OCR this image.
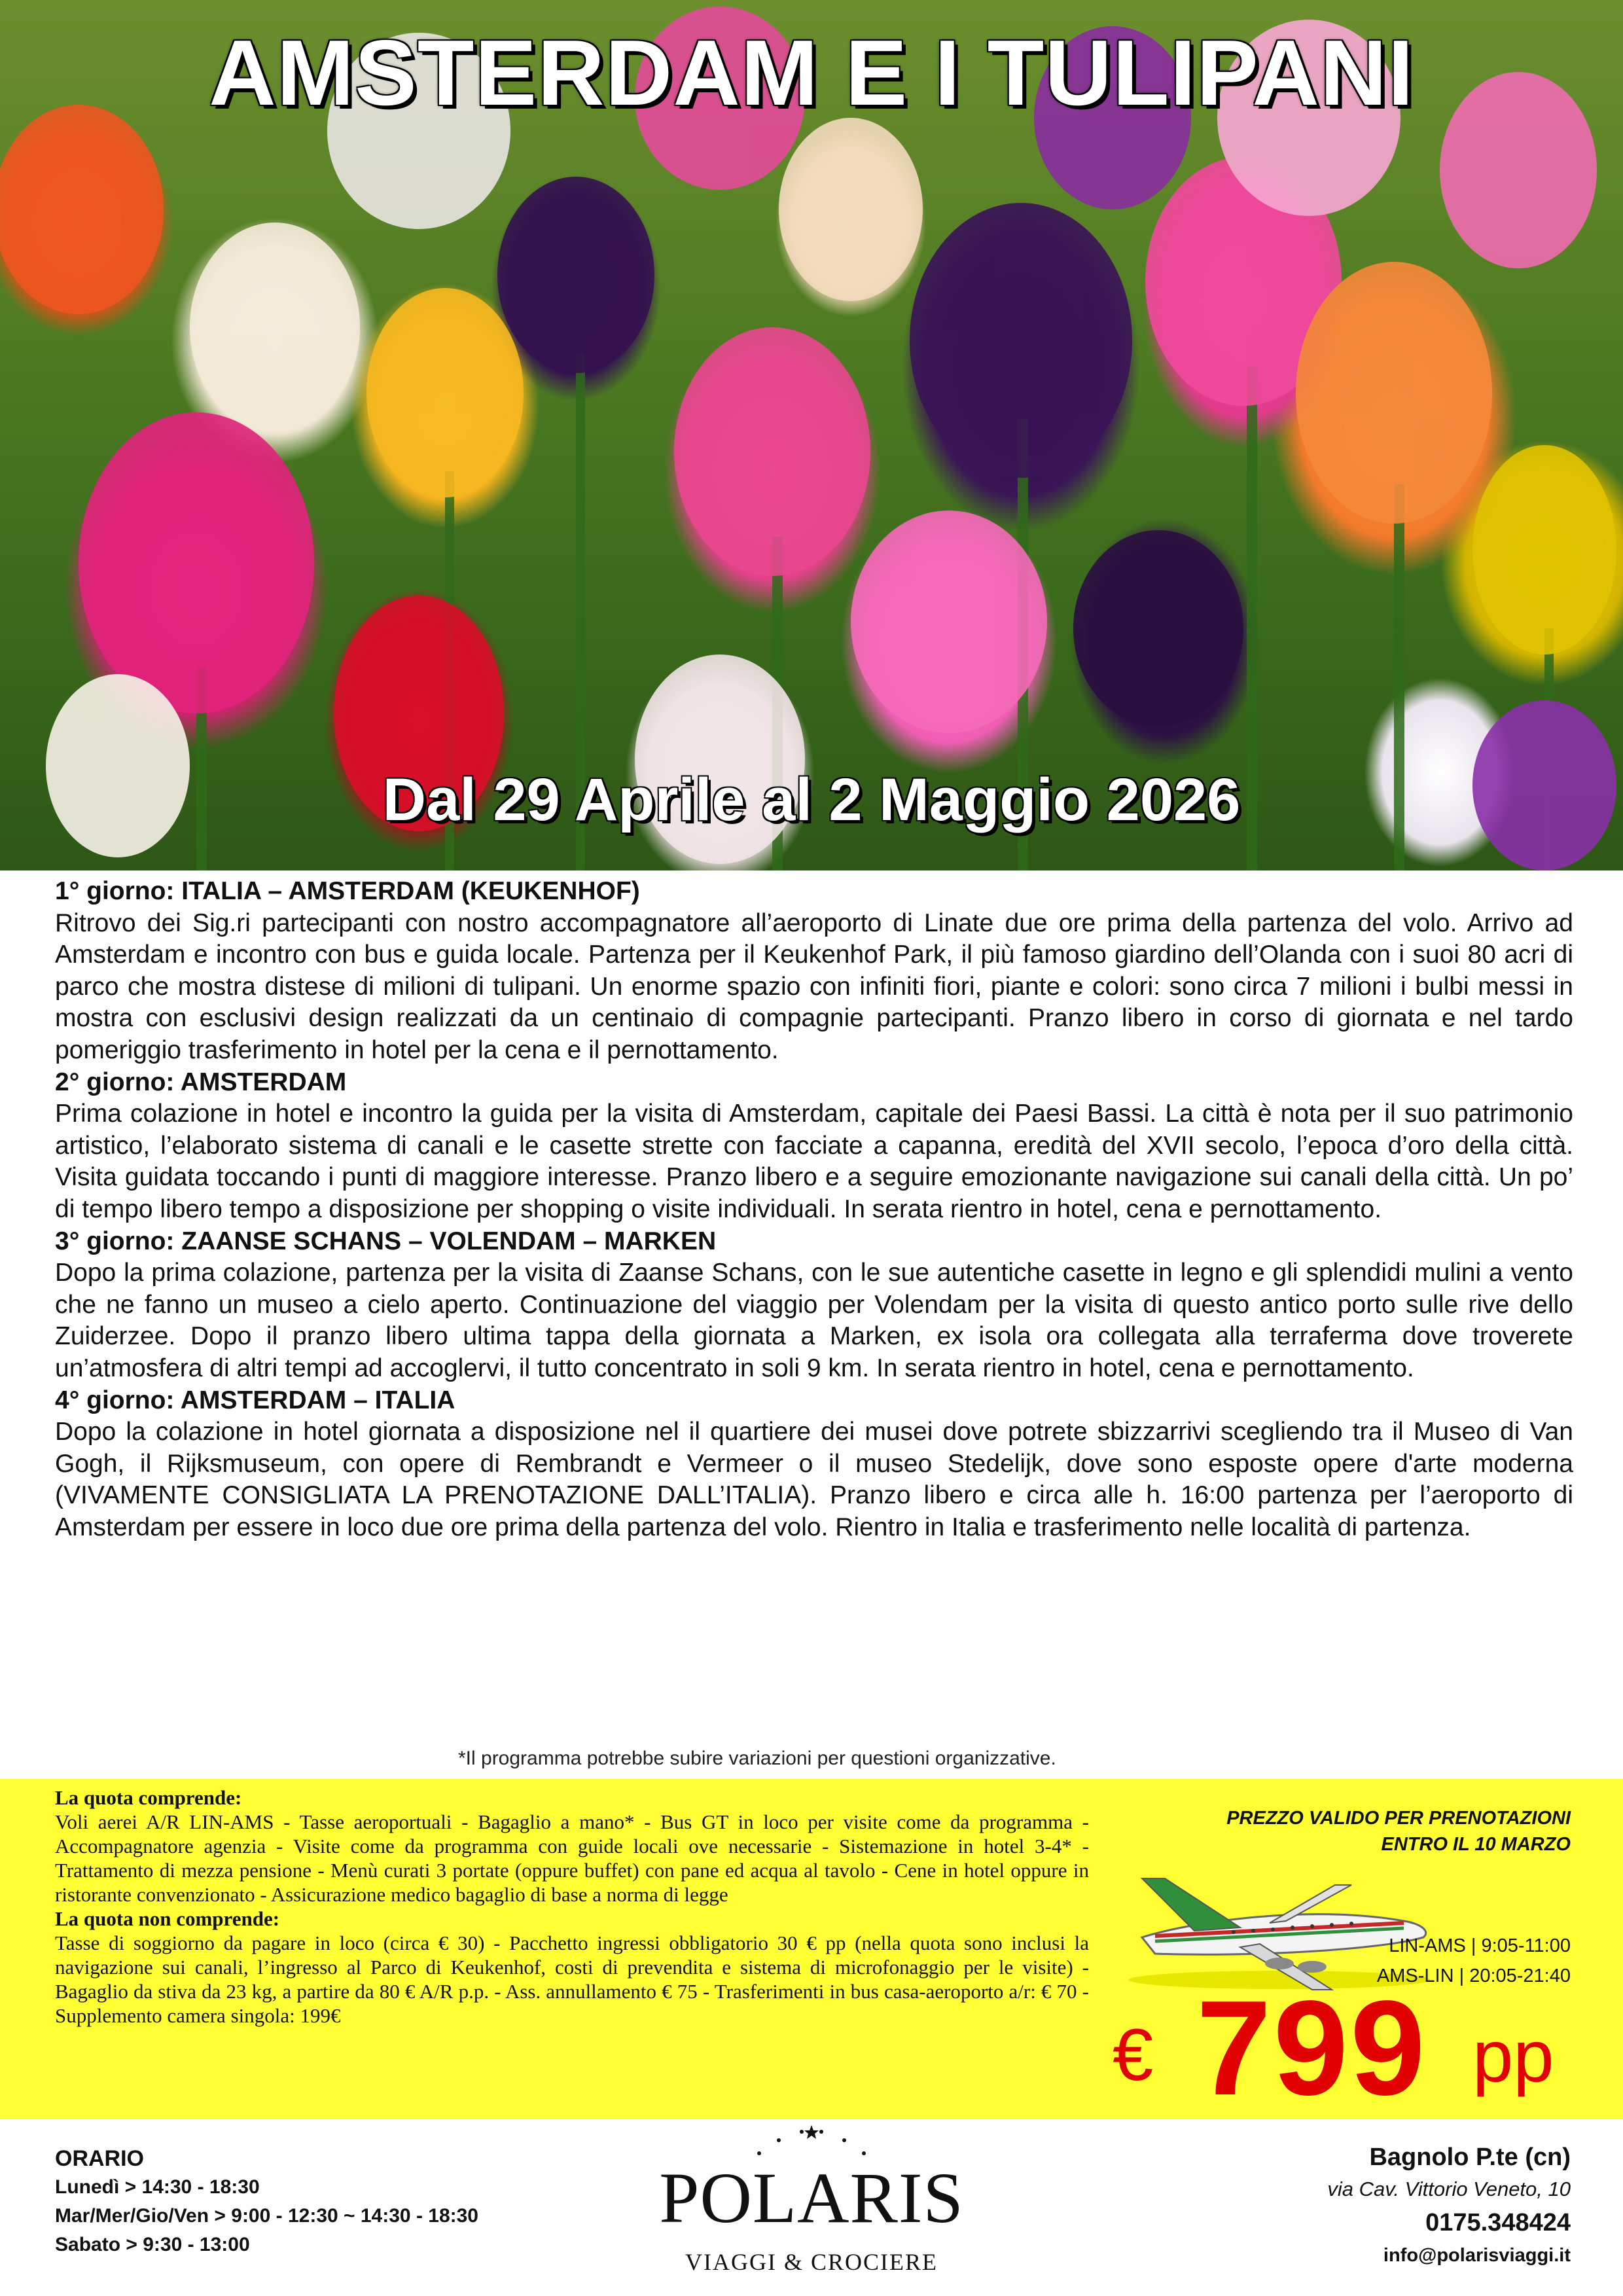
AMSTERDAM E I TULIPANI
Dal 29 Aprile al 2 Maggio 2026
1° giorno: ITALIA – AMSTERDAM (KEUKENHOF)
Ritrovo dei Sig.ri partecipanti con nostro accompagnatore all’aeroporto di Linate due ore prima della partenza del volo. Arrivo ad Amsterdam e incontro con bus e guida locale. Partenza per il Keukenhof Park, il più famoso giardino dell’Olanda con i suoi 80 acri di parco che mostra distese di milioni di tulipani. Un enorme spazio con infiniti fiori, piante e colori: sono circa 7 milioni i bulbi messi in mostra con esclusivi design realizzati da un centinaio di compagnie partecipanti. Pranzo libero in corso di giornata e nel tardo pomeriggio trasferimento in hotel per la cena e il pernottamento.
2° giorno: AMSTERDAM
Prima colazione in hotel e incontro la guida per la visita di Amsterdam, capitale dei Paesi Bassi. La città è nota per il suo patrimonio artistico, l’elaborato sistema di canali e le casette strette con facciate a capanna, eredità del XVII secolo, l’epoca d’oro della città. Visita guidata toccando i punti di maggiore interesse. Pranzo libero e a seguire emozionante navigazione sui canali della città. Un po’ di tempo libero tempo a disposizione per shopping o visite individuali. In serata rientro in hotel, cena e pernottamento.
3° giorno: ZAANSE SCHANS – VOLENDAM – MARKEN
Dopo la prima colazione, partenza per la visita di Zaanse Schans, con le sue autentiche casette in legno e gli splendidi mulini a vento che ne fanno un museo a cielo aperto. Continuazione del viaggio per Volendam per la visita di questo antico porto sulle rive dello Zuiderzee. Dopo il pranzo libero ultima tappa della giornata a Marken, ex isola ora collegata alla terraferma dove troverete un’atmosfera di altri tempi ad accoglervi, il tutto concentrato in soli 9 km. In serata rientro in hotel, cena e pernottamento.
4° giorno: AMSTERDAM – ITALIA
Dopo la colazione in hotel giornata a disposizione nel il quartiere dei musei dove potrete sbizzarrivi scegliendo tra il Museo di Van Gogh, il Rijksmuseum, con opere di Rembrandt e Vermeer o il museo Stedelijk, dove sono esposte opere d'arte moderna (VIVAMENTE CONSIGLIATA LA PRENOTAZIONE DALL’ITALIA). Pranzo libero e circa alle h. 16:00 partenza per l’aeroporto di Amsterdam per essere in loco due ore prima della partenza del volo. Rientro in Italia e trasferimento nelle località di partenza.
*Il programma potrebbe subire variazioni per questioni organizzative.
La quota comprende:
Voli aerei A/R LIN-AMS - Tasse aeroportuali - Bagaglio a mano* - Bus GT in loco per visite come da programma - Accompagnatore agenzia - Visite come da programma con guide locali ove necessarie - Sistemazione in hotel 3-4* - Trattamento di mezza pensione - Menù curati 3 portate (oppure buffet) con pane ed acqua al tavolo - Cene in hotel oppure in ristorante convenzionato - Assicurazione medico bagaglio di base a norma di legge
La quota non comprende:
Tasse di soggiorno da pagare in loco (circa € 30) - Pacchetto ingressi obbligatorio 30 € pp (nella quota sono inclusi la navigazione sui canali, l’ingresso al Parco di Keukenhof, costi di prevendita e sistema di microfonaggio per le visite) - Bagaglio da stiva da 23 kg, a partire da 80 € A/R p.p. - Ass. annullamento € 75 - Trasferimenti in bus casa-aeroporto a/r: € 70 - Supplemento camera singola: 199€
PREZZO VALIDO PER PRENOTAZIONI
ENTRO IL 10 MARZO
LIN-AMS | 9:05-11:00
AMS-LIN | 20:05-21:40
€ 799 pp
ORARIO
Lunedì > 14:30 - 18:30
Mar/Mer/Gio/Ven > 9:00 - 12:30 ~ 14:30 - 18:30
Sabato > 9:30 - 13:00
POLARIS
VIAGGI & CROCIERE
Bagnolo P.te (cn)
via Cav. Vittorio Veneto, 10
0175.348424
info@polarisviaggi.it
